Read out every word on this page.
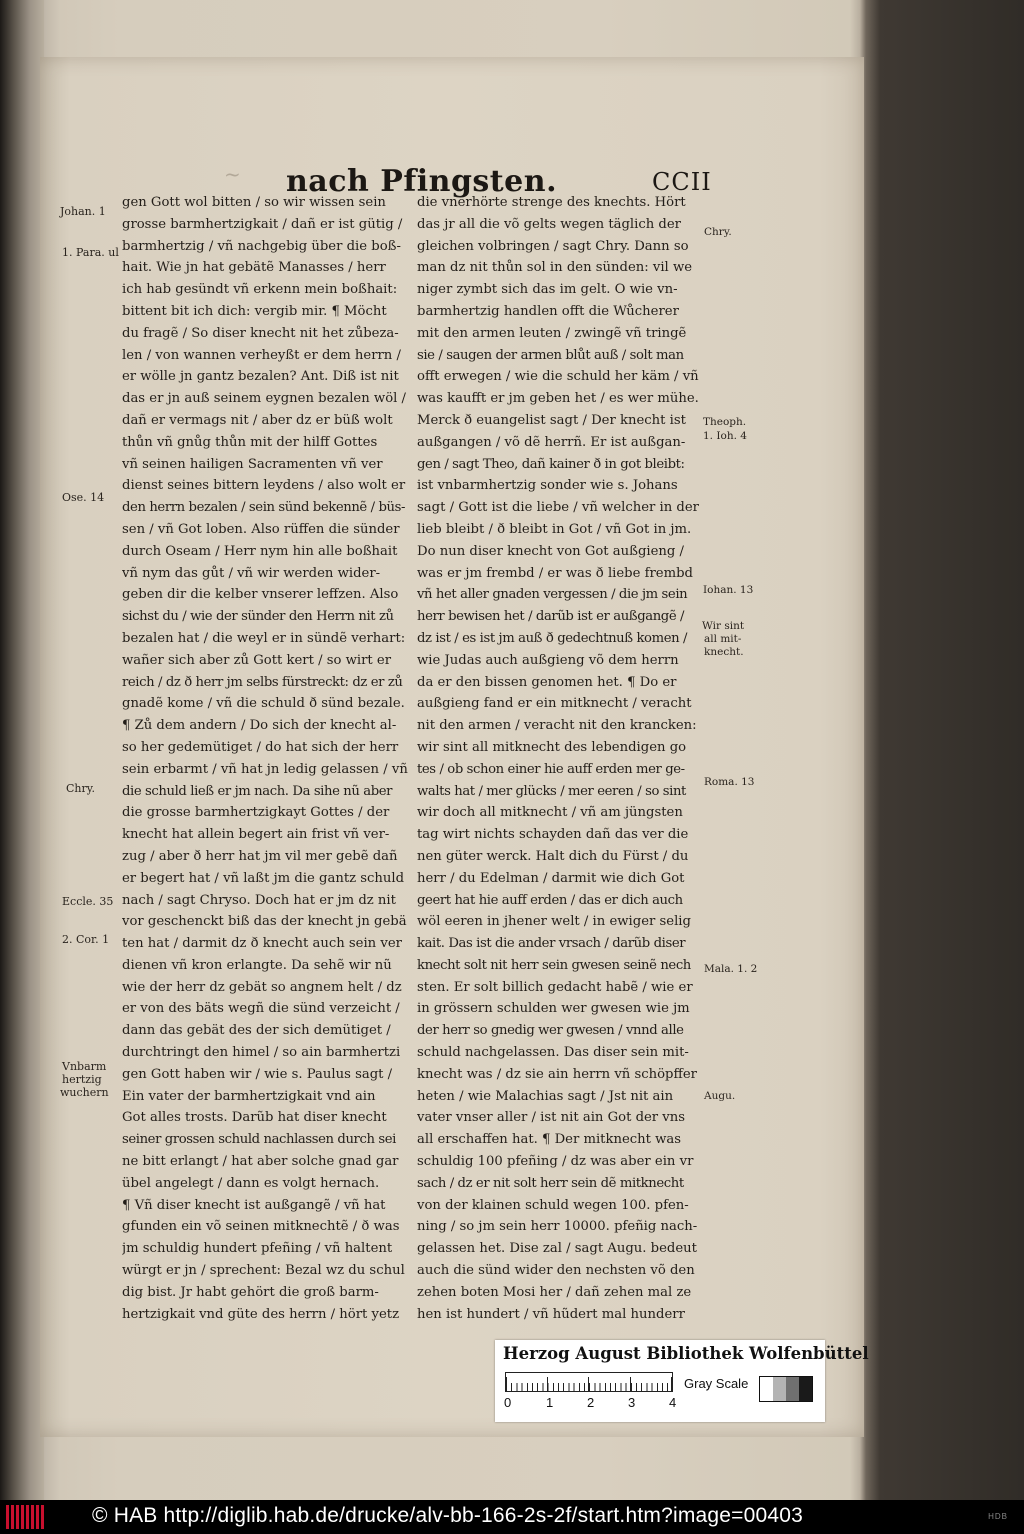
~ nach Pfingsten.	CCII
gen Gott wol bitten / so wir wissen sein
grosse barmhertzigkait / dañ er ist gütig /
barmhertzig / vñ nachgebig über die boß-
hait. Wie jn hat gebätẽ Manasses / herr
ich hab gesündt vñ erkenn mein boßhait:
bittent bit ich dich: vergib mir. ¶ Möcht
du fragẽ / So diser knecht nit het zůbeza-
len / von wannen verheyßt er dem herrn /
er wölle jn gantz bezalen? Ant. Diß ist nit
das er jn auß seinem eygnen bezalen wöl /
dañ er vermags nit / aber dz er büß wolt
thůn vñ gnůg thůn mit der hilff Gottes
vñ seinen hailigen Sacramenten vñ ver
dienst seines bittern leydens / also wolt er
den herrn bezalen / sein sünd bekennẽ / büs-
sen / vñ Got loben. Also rüffen die sünder
durch Oseam / Herr nym hin alle boßhait
vñ nym das gůt / vñ wir werden wider-
geben dir die kelber vnserer leffzen. Also
sichst du / wie der sünder den Herrn nit zů
bezalen hat / die weyl er in sündẽ verhart:
wañer sich aber zů Gott kert / so wirt er
reich / dz ð herr jm selbs fürstreckt: dz er zů
gnadẽ kome / vñ die schuld ð sünd bezale.
¶ Zů dem andern / Do sich der knecht al-
so her gedemütiget / do hat sich der herr
sein erbarmt / vñ hat jn ledig gelassen / vñ
die schuld ließ er jm nach. Da sihe nũ aber
die grosse barmhertzigkayt Gottes / der
knecht hat allein begert ain frist vñ ver-
zug / aber ð herr hat jm vil mer gebẽ dañ
er begert hat / vñ laßt jm die gantz schuld
nach / sagt Chryso. Doch hat er jm dz nit
vor geschenckt biß das der knecht jn gebä
ten hat / darmit dz ð knecht auch sein ver
dienen vñ kron erlangte. Da sehẽ wir nũ
wie der herr dz gebät so angnem helt / dz
er von des bäts wegñ die sünd verzeicht /
dann das gebät des der sich demütiget /
durchtringt den himel / so ain barmhertzi
gen Gott haben wir / wie s. Paulus sagt /
Ein vater der barmhertzigkait vnd ain
Got alles trosts. Darũb hat diser knecht
seiner grossen schuld nachlassen durch sei
ne bitt erlangt / hat aber solche gnad gar
übel angelegt / dann es volgt hernach.
¶ Vñ diser knecht ist außgangẽ / vñ hat
gfunden ein võ seinen mitknechtẽ / ð was
jm schuldig hundert pfeñing / vñ haltent
würgt er jn / sprechent: Bezal wz du schul
dig bist. Jr habt gehört die groß barm-
hertzigkait vnd güte des herrn / hört yetz
die vnerhörte strenge des knechts. Hört
das jr all die võ gelts wegen täglich der
gleichen volbringen / sagt Chry. Dann so
man dz nit thůn sol in den sünden: vil we
niger zymbt sich das im gelt. O wie vn-
barmhertzig handlen offt die Wůcherer
mit den armen leuten / zwingẽ vñ tringẽ
sie / saugen der armen blůt auß / solt man
offt erwegen / wie die schuld her käm / vñ
was kaufft er jm geben het / es wer mühe.
Merck ð euangelist sagt / Der knecht ist
außgangen / võ dẽ herrñ. Er ist außgan-
gen / sagt Theo, dañ kainer ð in got bleibt:
ist vnbarmhertzig sonder wie s. Johans
sagt / Gott ist die liebe / vñ welcher in der
lieb bleibt / ð bleibt in Got / vñ Got in jm.
Do nun diser knecht von Got außgieng /
was er jm frembd / er was ð liebe frembd
vñ het aller gnaden vergessen / die jm sein
herr bewisen het / darũb ist er außgangẽ /
dz ist / es ist jm auß ð gedechtnuß komen /
wie Judas auch außgieng võ dem herrn
da er den bissen genomen het. ¶ Do er
außgieng fand er ein mitknecht / veracht
nit den armen / veracht nit den krancken:
wir sint all mitknecht des lebendigen go
tes / ob schon einer hie auff erden mer ge-
walts hat / mer glücks / mer eeren / so sint
wir doch all mitknecht / vñ am jüngsten
tag wirt nichts schayden dañ das ver die
nen güter werck. Halt dich du Fürst / du
herr / du Edelman / darmit wie dich Got
geert hat hie auff erden / das er dich auch
wöl eeren in jhener welt / in ewiger selig
kait. Das ist die ander vrsach / darũb diser
knecht solt nit herr sein gwesen seinẽ nech
sten. Er solt billich gedacht habẽ / wie er
in grössern schulden wer gwesen wie jm
der herr so gnedig wer gwesen / vnnd alle
schuld nachgelassen. Das diser sein mit-
knecht was / dz sie ain herrn vñ schöpffer
heten / wie Malachias sagt / Jst nit ain
vater vnser aller / ist nit ain Got der vns
all erschaffen hat. ¶ Der mitknecht was
schuldig 100 pfeñing / dz was aber ein vr
sach / dz er nit solt herr sein dẽ mitknecht
von der klainen schuld wegen 100. pfen-
ning / so jm sein herr 10000. pfeñig nach-
gelassen het. Dise zal / sagt Augu. bedeut
auch die sünd wider den nechsten võ den
zehen boten Mosi her / dañ zehen mal ze
hen ist hundert / vñ hũdert mal hunderr
Johan. 1
1. Para. ul
Ose. 14
Chry.
Eccle. 35
2. Cor. 1
Vnbarm
hertzig
wuchern
Chry.
Theoph.
1. Ioh. 4
Iohan. 13
Wir sint
all mit-
knecht.
Roma. 13
Mala. 1. 2
Augu.
Herzog August Bibliothek Wolfenbüttel
0	1	2	3	4
Gray Scale
© HAB http://diglib.hab.de/drucke/alv-bb-166-2s-2f/start.htm?image=00403	HDB
